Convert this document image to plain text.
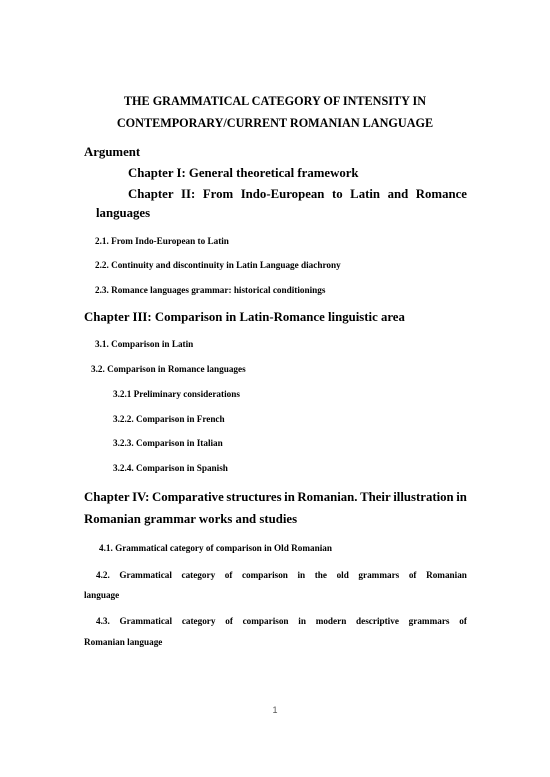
THE GRAMMATICAL CATEGORY OF INTENSITY IN
CONTEMPORARY/CURRENT ROMANIAN LANGUAGE
Argument
Chapter I: General theoretical framework
Chapter II: From Indo-European to Latin and Romance
languages
2.1. From Indo-European to Latin
2.2. Continuity and discontinuity in Latin Language diachrony
2.3. Romance languages grammar: historical conditionings
Chapter III: Comparison in Latin-Romance linguistic area
3.1. Comparison in Latin
3.2. Comparison in Romance languages
3.2.1 Preliminary considerations
3.2.2. Comparison in French
3.2.3. Comparison in Italian
3.2.4. Comparison in Spanish
Chapter IV: Comparative structures in Romanian. Their illustration in
Romanian grammar works and studies
4.1. Grammatical category of comparison in Old Romanian
4.2. Grammatical category of comparison in the old grammars of Romanian
language
4.3. Grammatical category of comparison in modern descriptive grammars of
Romanian language
1
